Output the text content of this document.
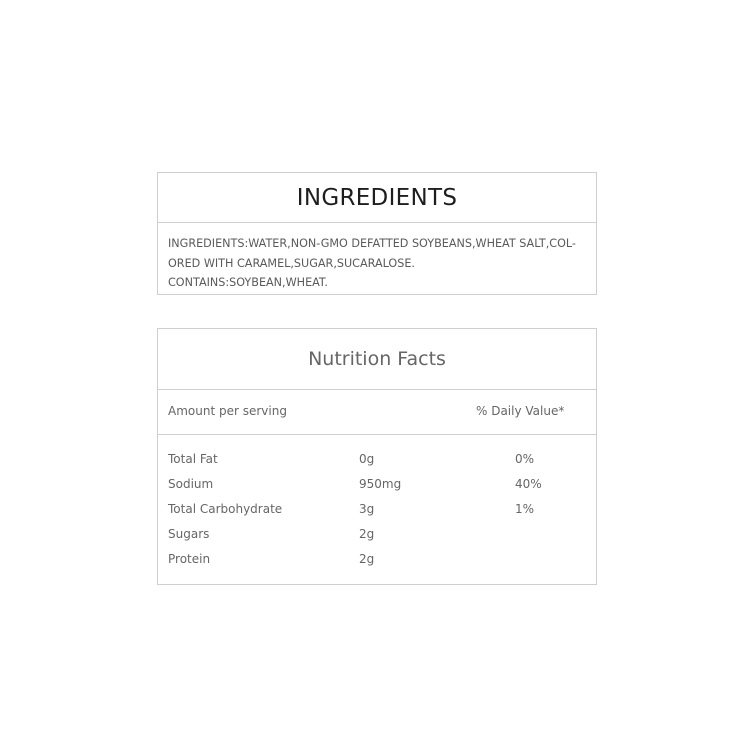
INGREDIENTS
INGREDIENTS:WATER,NON-GMO DEFATTED SOYBEANS,WHEAT SALT,COL-
ORED WITH CARAMEL,SUGAR,SUCARALOSE.
CONTAINS:SOYBEAN,WHEAT.
Nutrition Facts
Amount per serving	% Daily Value*
Total Fat	0g	0%
Sodium	950mg	40%
Total Carbohydrate	3g	1%
Sugars	2g
Protein	2g
